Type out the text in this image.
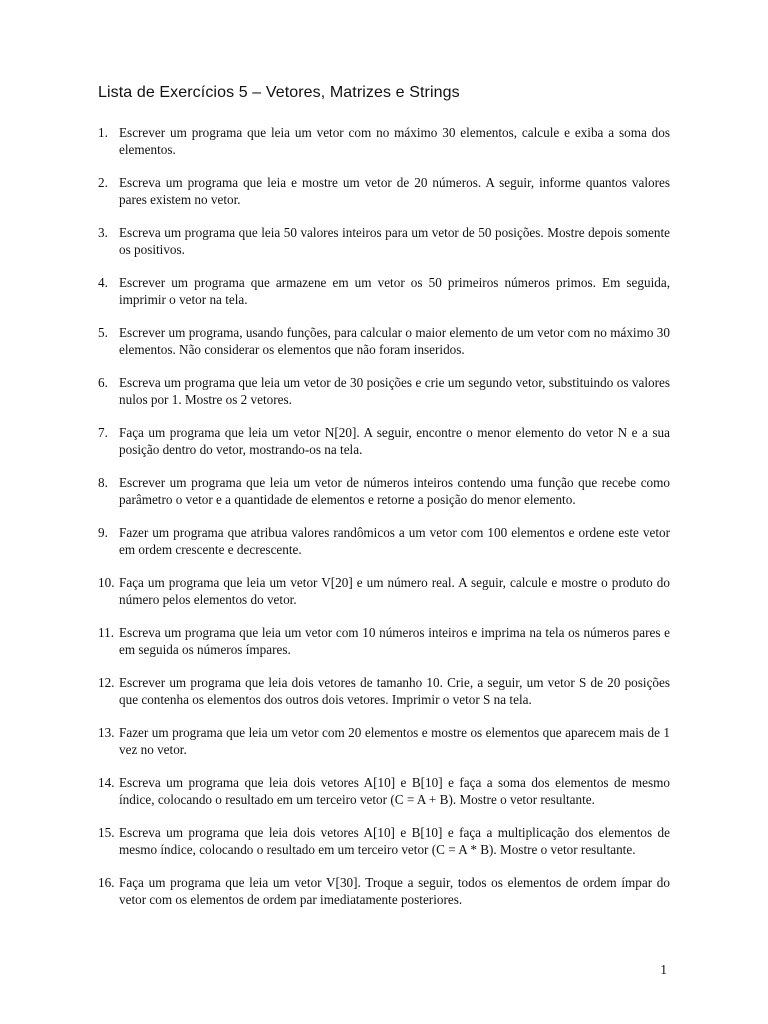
Lista de Exercícios 5 – Vetores, Matrizes e Strings
1. Escrever um programa que leia um vetor com no máximo 30 elementos, calcule e exiba a soma dos elementos.
2. Escreva um programa que leia e mostre um vetor de 20 números. A seguir, informe quantos valores pares existem no vetor.
3. Escreva um programa que leia 50 valores inteiros para um vetor de 50 posições. Mostre depois somente os positivos.
4. Escrever um programa que armazene em um vetor os 50 primeiros números primos. Em seguida, imprimir o vetor na tela.
5. Escrever um programa, usando funções, para calcular o maior elemento de um vetor com no máximo 30 elementos. Não considerar os elementos que não foram inseridos.
6. Escreva um programa que leia um vetor de 30 posições e crie um segundo vetor, substituindo os valores nulos por 1. Mostre os 2 vetores.
7. Faça um programa que leia um vetor N[20]. A seguir, encontre o menor elemento do vetor N e a sua posição dentro do vetor, mostrando-os na tela.
8. Escrever um programa que leia um vetor de números inteiros contendo uma função que recebe como parâmetro o vetor e a quantidade de elementos e retorne a posição do menor elemento.
9. Fazer um programa que atribua valores randômicos a um vetor com 100 elementos e ordene este vetor em ordem crescente e decrescente.
10. Faça um programa que leia um vetor V[20] e um número real. A seguir, calcule e mostre o produto do número pelos elementos do vetor.
11. Escreva um programa que leia um vetor com 10 números inteiros e imprima na tela os números pares e em seguida os números ímpares.
12. Escrever um programa que leia dois vetores de tamanho 10. Crie, a seguir, um vetor S de 20 posições que contenha os elementos dos outros dois vetores. Imprimir o vetor S na tela.
13. Fazer um programa que leia um vetor com 20 elementos e mostre os elementos que aparecem mais de 1 vez no vetor.
14. Escreva um programa que leia dois vetores A[10] e B[10] e faça a soma dos elementos de mesmo índice, colocando o resultado em um terceiro vetor (C = A + B). Mostre o vetor resultante.
15. Escreva um programa que leia dois vetores A[10] e B[10] e faça a multiplicação dos elementos de mesmo índice, colocando o resultado em um terceiro vetor (C = A * B). Mostre o vetor resultante.
16. Faça um programa que leia um vetor V[30]. Troque a seguir, todos os elementos de ordem ímpar do vetor com os elementos de ordem par imediatamente posteriores.
1
